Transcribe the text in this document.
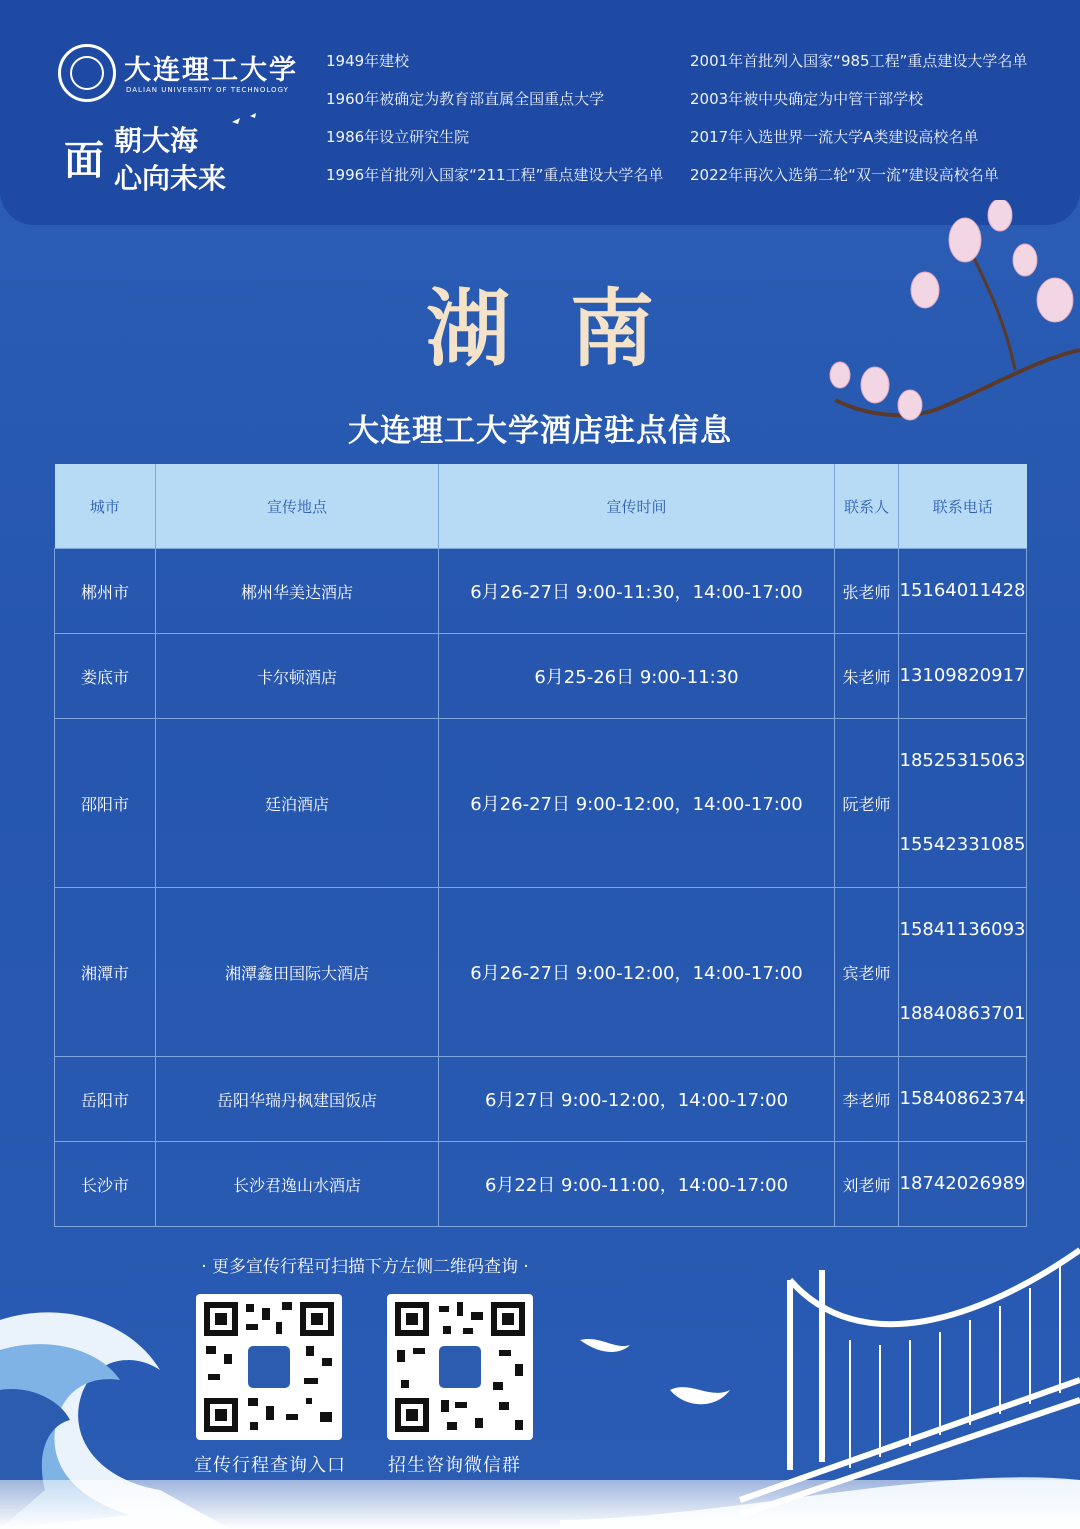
大连理工大学
DALIAN UNIVERSITY OF TECHNOLOGY
面 朝大海
心向未来
1949年建校
1960年被确定为教育部直属全国重点大学
1986年设立研究生院
1996年首批列入国家“211工程”重点建设大学名单
2001年首批列入国家“985工程”重点建设大学名单
2003年被中央确定为中管干部学校
2017年入选世界一流大学A类建设高校名单
2022年再次入选第二轮“双一流”建设高校名单
湖南
大连理工大学酒店驻点信息
城市	宣传地点	宣传时间	联系人	联系电话
郴州市	郴州华美达酒店	6月26-27日 9:00-11:30，14:00-17:00	张老师	15164011428

娄底市	卡尔顿酒店	6月25-26日 9:00-11:30	朱老师	13109820917

邵阳市	廷泊酒店	6月26-27日 9:00-12:00，14:00-17:00	阮老师	18525315063
15542331085

湘潭市	湘潭鑫田国际大酒店	6月26-27日 9:00-12:00，14:00-17:00	宾老师	15841136093
18840863701

岳阳市	岳阳华瑞丹枫建国饭店	6月27日 9:00-12:00，14:00-17:00	李老师	15840862374

长沙市	长沙君逸山水酒店	6月22日 9:00-11:00，14:00-17:00	刘老师	18742026989
· 更多宣传行程可扫描下方左侧二维码查询 ·
宣传行程查询入口 招生咨询微信群
